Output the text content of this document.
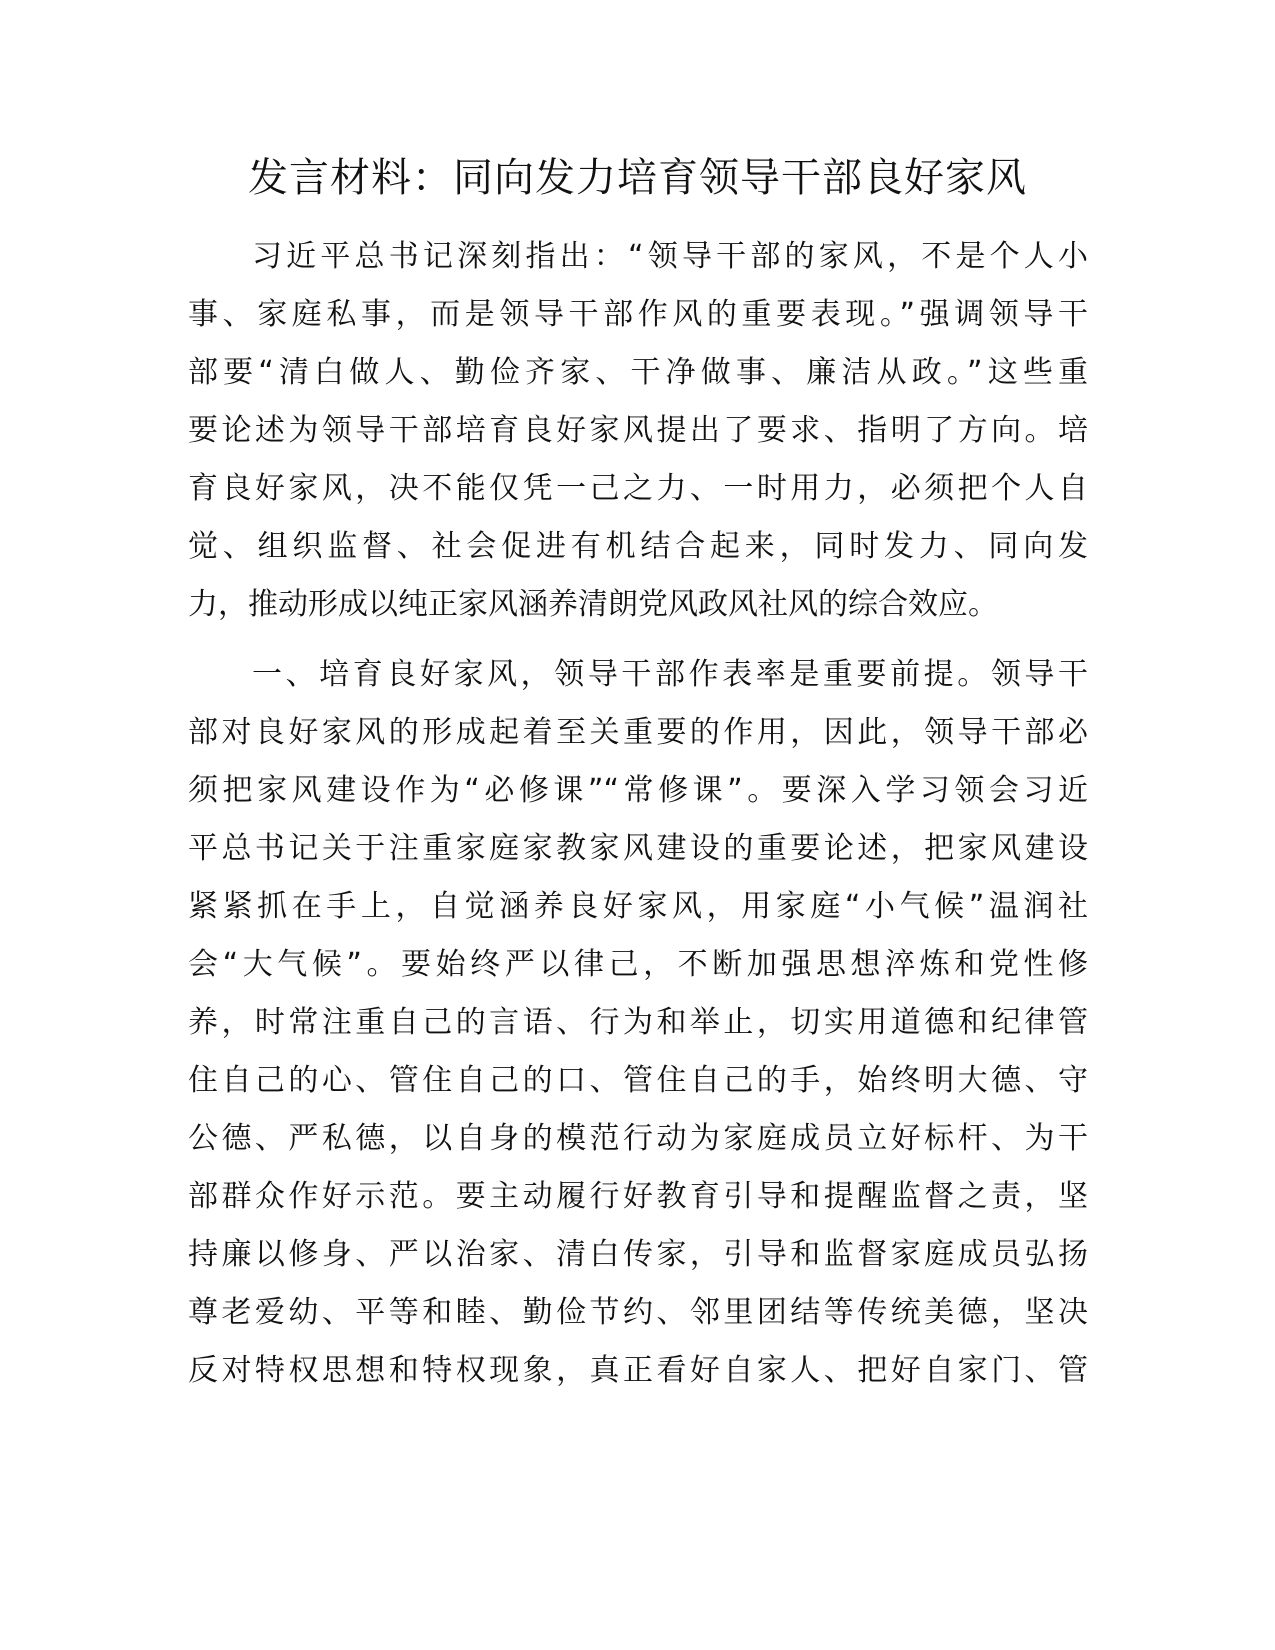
发言材料：同向发力培育领导干部良好家风

习近平总书记深刻指出：“领导干部的家风，不是个人小
事、家庭私事，而是领导干部作风的重要表现。”强调领导干
部要“清白做人、勤俭齐家、干净做事、廉洁从政。”这些重
要论述为领导干部培育良好家风提出了要求、指明了方向。培
育良好家风，决不能仅凭一己之力、一时用力，必须把个人自
觉、组织监督、社会促进有机结合起来，同时发力、同向发
力，推动形成以纯正家风涵养清朗党风政风社风的综合效应。

一、培育良好家风，领导干部作表率是重要前提。领导干
部对良好家风的形成起着至关重要的作用，因此，领导干部必
须把家风建设作为“必修课”“常修课”。要深入学习领会习近
平总书记关于注重家庭家教家风建设的重要论述，把家风建设
紧紧抓在手上，自觉涵养良好家风，用家庭“小气候”温润社
会“大气候”。要始终严以律己，不断加强思想淬炼和党性修
养，时常注重自己的言语、行为和举止，切实用道德和纪律管
住自己的心、管住自己的口、管住自己的手，始终明大德、守
公德、严私德，以自身的模范行动为家庭成员立好标杆、为干
部群众作好示范。要主动履行好教育引导和提醒监督之责，坚
持廉以修身、严以治家、清白传家，引导和监督家庭成员弘扬
尊老爱幼、平等和睦、勤俭节约、邻里团结等传统美德，坚决
反对特权思想和特权现象，真正看好自家人、把好自家门、管
